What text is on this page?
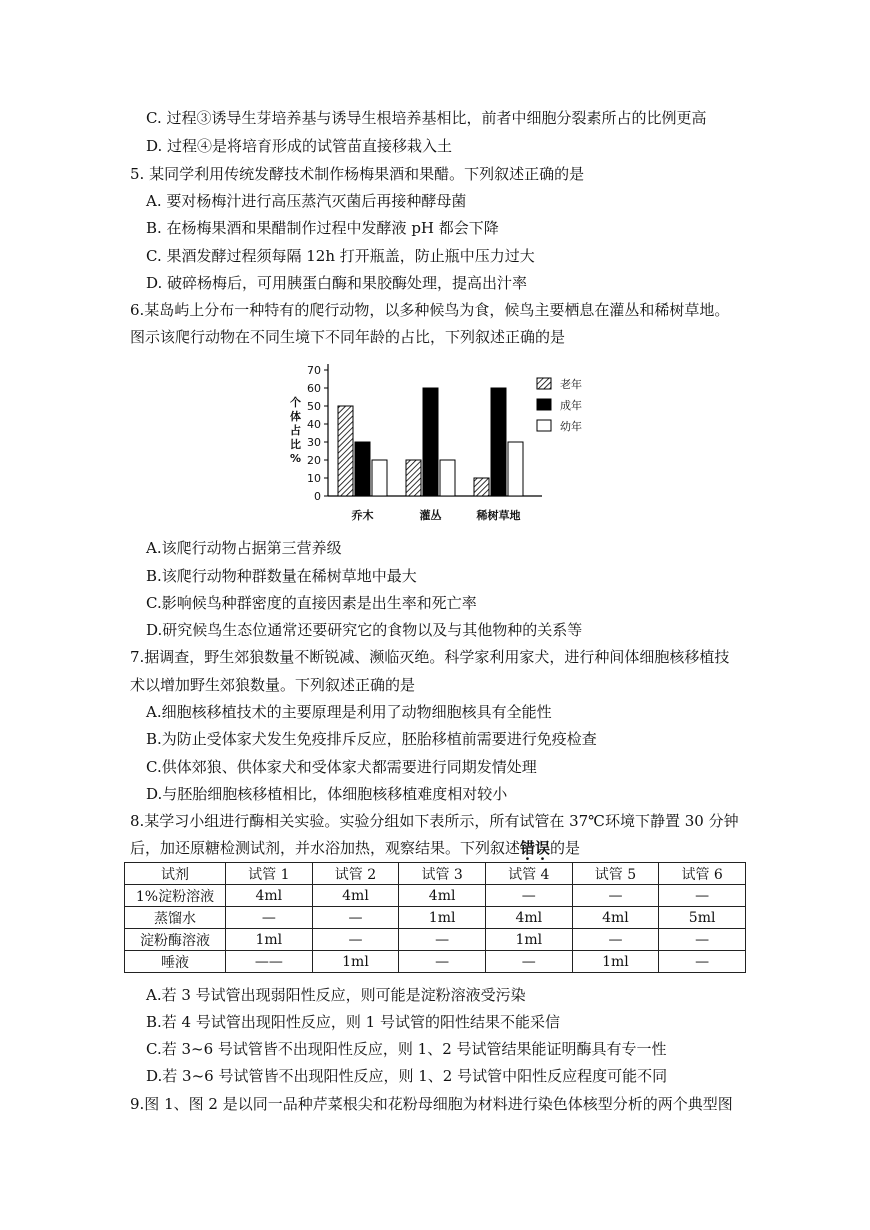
C. 过程③诱导生芽培养基与诱导生根培养基相比，前者中细胞分裂素所占的比例更高
D. 过程④是将培育形成的试管苗直接移栽入土
5. 某同学利用传统发酵技术制作杨梅果酒和果醋。下列叙述正确的是
A. 要对杨梅汁进行高压蒸汽灭菌后再接种酵母菌
B. 在杨梅果酒和果醋制作过程中发酵液 pH 都会下降
C. 果酒发酵过程须每隔 12h 打开瓶盖，防止瓶中压力过大
D. 破碎杨梅后，可用胰蛋白酶和果胶酶处理，提高出汁率
6.某岛屿上分布一种特有的爬行动物，以多种候鸟为食，候鸟主要栖息在灌丛和稀树草地。
图示该爬行动物在不同生境下不同年龄的占比，下列叙述正确的是
0
10
20
30
40
50
60
70
个体占比%
乔木	灌丛	稀树草地
老年
成年
幼年
A.该爬行动物占据第三营养级
B.该爬行动物种群数量在稀树草地中最大
C.影响候鸟种群密度的直接因素是出生率和死亡率
D.研究候鸟生态位通常还要研究它的食物以及与其他物种的关系等
7.据调查，野生郊狼数量不断锐减、濒临灭绝。科学家利用家犬，进行种间体细胞核移植技
术以增加野生郊狼数量。下列叙述正确的是
A.细胞核移植技术的主要原理是利用了动物细胞核具有全能性
B.为防止受体家犬发生免疫排斥反应，胚胎移植前需要进行免疫检查
C.供体郊狼、供体家犬和受体家犬都需要进行同期发情处理
D.与胚胎细胞核移植相比，体细胞核移植难度相对较小
8.某学习小组进行酶相关实验。实验分组如下表所示，所有试管在 37℃环境下静置 30 分钟
后，加还原糖检测试剂，并水浴加热，观察结果。下列叙述错误的是
试剂	试管 1	试管 2	试管 3	试管 4	试管 5	试管 6
1%淀粉溶液	4ml	4ml	4ml	—	—	—
蒸馏水	—	—	1ml	4ml	4ml	5ml
淀粉酶溶液	1ml	—	—	1ml	—	—
唾液	——	1ml	—	—	1ml	—
A.若 3 号试管出现弱阳性反应，则可能是淀粉溶液受污染
B.若 4 号试管出现阳性反应，则 1 号试管的阳性结果不能采信
C.若 3~6 号试管皆不出现阳性反应，则 1、2 号试管结果能证明酶具有专一性
D.若 3~6 号试管皆不出现阳性反应，则 1、2 号试管中阳性反应程度可能不同
9.图 1、图 2 是以同一品种芹菜根尖和花粉母细胞为材料进行染色体核型分析的两个典型图
